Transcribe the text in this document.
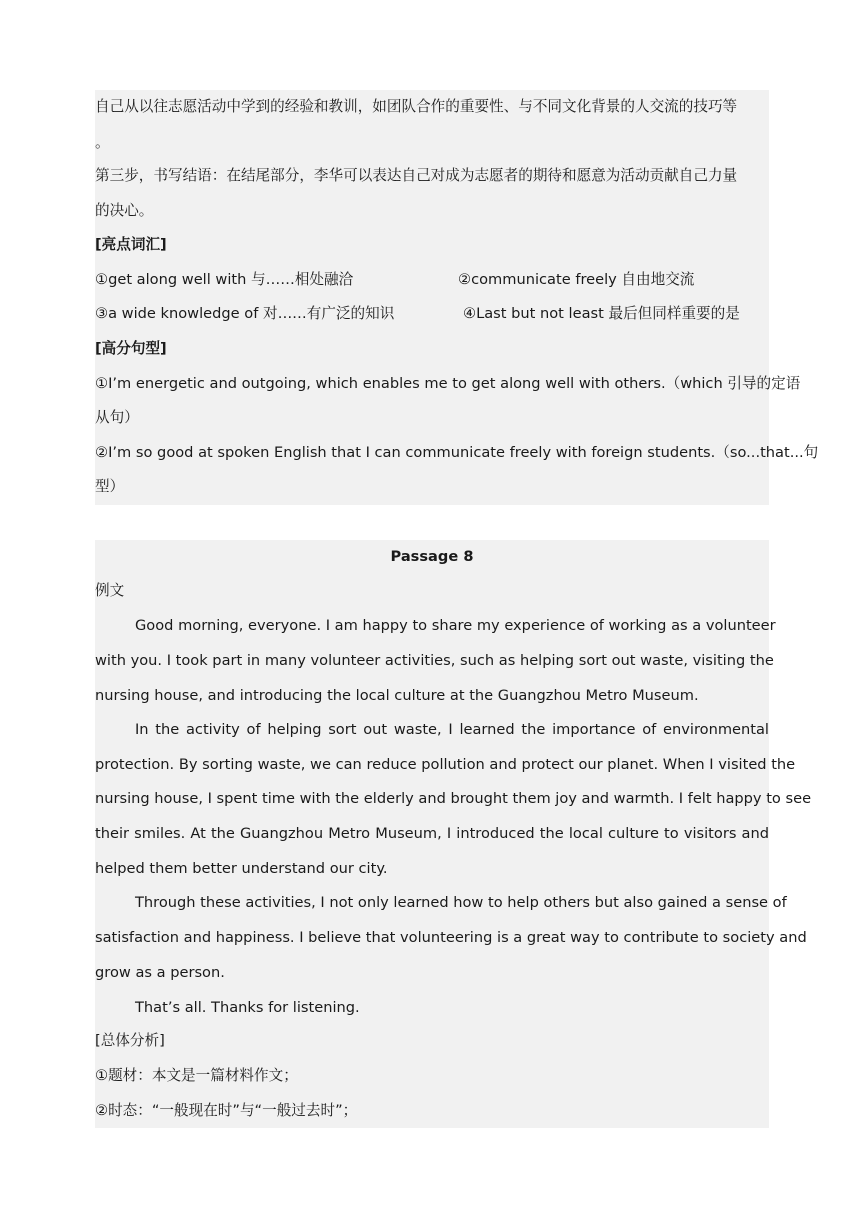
自己从以往志愿活动中学到的经验和教训，如团队合作的重要性、与不同文化背景的人交流的技巧等
。
第三步，书写结语：在结尾部分，李华可以表达自己对成为志愿者的期待和愿意为活动贡献自己力量
的决心。
[亮点词汇]
①get along well with 与……相处融洽	②communicate freely 自由地交流
③a wide knowledge of 对……有广泛的知识	④Last but not least 最后但同样重要的是
[高分句型]
①I’m energetic and outgoing, which enables me to get along well with others.（which 引导的定语
从句）
②I’m so good at spoken English that I can communicate freely with foreign students.（so...that...句
型）
Passage 8
例文
Good morning, everyone. I am happy to share my experience of working as a volunteer
with you. I took part in many volunteer activities, such as helping sort out waste, visiting the
nursing house, and introducing the local culture at the Guangzhou Metro Museum.
In the activity of helping sort out waste, I learned the importance of environmental
protection. By sorting waste, we can reduce pollution and protect our planet. When I visited the
nursing house, I spent time with the elderly and brought them joy and warmth. I felt happy to see
their smiles. At the Guangzhou Metro Museum, I introduced the local culture to visitors and
helped them better understand our city.
Through these activities, I not only learned how to help others but also gained a sense of
satisfaction and happiness. I believe that volunteering is a great way to contribute to society and
grow as a person.
That’s all. Thanks for listening.
[总体分析]
①题材：本文是一篇材料作文；
②时态：“一般现在时”与“一般过去时”；
